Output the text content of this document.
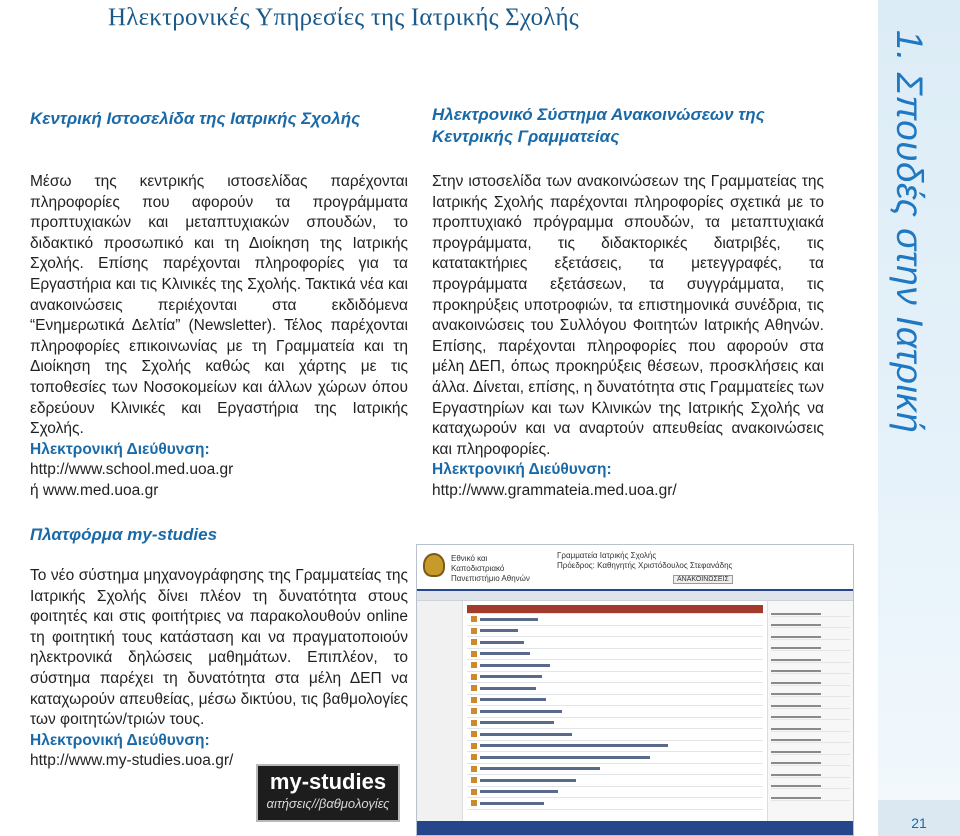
Ηλεκτρονικές Υπηρεσίες της Ιατρικής Σχολής
1. Σπουδές στην Ιατρική
21
Κεντρική Ιστοσελίδα της Ιατρικής Σχολής
Μέσω της κεντρικής ιστοσελίδας παρέχονται πληροφορίες που αφορούν τα προγράμματα προπτυχιακών και μεταπτυχιακών σπουδών, το διδακτικό προσωπικό και τη Διοίκηση της Ιατρικής Σχολής. Επίσης παρέχονται πληροφορίες για τα Εργαστήρια και τις Κλινικές της Σχολής. Τακτικά νέα και ανακοινώσεις περιέχονται στα εκδιδόμενα “Ενημερωτικά Δελτία” (Newsletter). Τέλος παρέχονται πληροφορίες επικοινωνίας με τη Γραμματεία και τη Διοίκηση της Σχολής καθώς και χάρτης με τις τοποθεσίες των Νοσοκομείων και άλλων χώρων όπου εδρεύουν Κλινικές και Εργαστήρια της Ιατρικής Σχολής.
Ηλεκτρονική Διεύθυνση:
http://www.school.med.uoa.gr
ή www.med.uoa.gr
Πλατφόρμα my-studies
Το νέο σύστημα μηχανογράφησης της Γραμματείας της Ιατρικής Σχολής δίνει πλέον τη δυνατότητα στους φοιτητές και στις φοιτήτριες να παρακολουθούν online τη φοιτητική τους κατάσταση και να πραγματοποιούν ηλεκτρονικά δηλώσεις μαθημάτων. Επιπλέον, το σύστημα παρέχει τη δυνατότητα στα μέλη ΔΕΠ να καταχωρούν απευθείας, μέσω δικτύου, τις βαθμολογίες των φοιτητών/τριών τους.
Ηλεκτρονική Διεύθυνση:
http://www.my-studies.uoa.gr/
my-studies
αιτήσεις//βαθμολογίες
Ηλεκτρονικό Σύστημα Ανακοινώσεων της Κεντρικής Γραμματείας
Στην ιστοσελίδα των ανακοινώσεων της Γραμματείας της Ιατρικής Σχολής παρέχονται πληροφορίες σχετικά με το προπτυχιακό πρόγραμμα σπουδών, τα μεταπτυχιακά προγράμματα, τις διδακτορικές διατριβές, τις κατατακτήριες εξετάσεις, τα μετεγγραφές, τα προγράμματα εξετάσεων, τα συγγράμματα, τις προκηρύξεις υποτροφιών, τα επιστημονικά συνέδρια, τις ανακοινώσεις του Συλλόγου Φοιτητών Ιατρικής Αθηνών. Επίσης, παρέχονται πληροφορίες που αφορούν στα μέλη ΔΕΠ, όπως προκηρύξεις θέσεων, προσκλήσεις και άλλα. Δίνεται, επίσης, η δυνατότητα στις Γραμματείες των Εργαστηρίων και των Κλινικών της Ιατρικής Σχολής να καταχωρούν και να αναρτούν απευθείας ανακοινώσεις και πληροφορίες.
Ηλεκτρονική Διεύθυνση:
http://www.grammateia.med.uoa.gr/
Εθνικό και Καποδιστριακό Πανεπιστήμιο Αθηνών
Γραμματεία Ιατρικής Σχολής
Πρόεδρος: Καθηγητής Χριστόδουλος Στεφανάδης
ΑΝΑΚΟΙΝΩΣΕΙΣ
